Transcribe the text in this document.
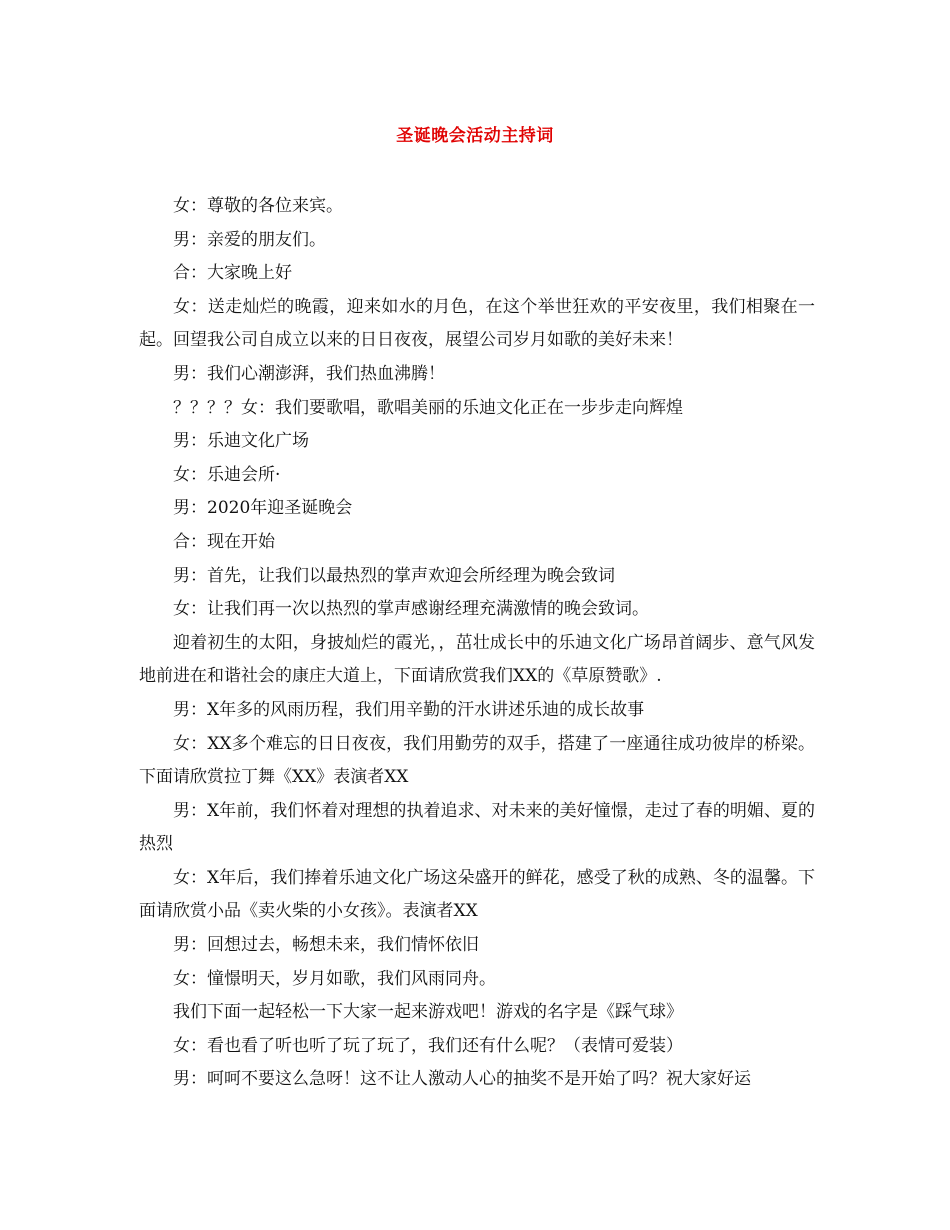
圣诞晚会活动主持词

女：尊敬的各位来宾。

男：亲爱的朋友们。

合：大家晚上好

女：送走灿烂的晚霞，迎来如水的月色，在这个举世狂欢的平安夜里，我们相聚在一起。回望我公司自成立以来的日日夜夜，展望公司岁月如歌的美好未来！

男：我们心潮澎湃，我们热血沸腾！

？？？？女：我们要歌唱，歌唱美丽的乐迪文化正在一步步走向辉煌

男：乐迪文化广场

女：乐迪会所·

男：2020年迎圣诞晚会

合：现在开始

男：首先，让我们以最热烈的掌声欢迎会所经理为晚会致词

女：让我们再一次以热烈的掌声感谢经理充满激情的晚会致词。

迎着初生的太阳，身披灿烂的霞光，，茁壮成长中的乐迪文化广场昂首阔步、意气风发地前进在和谐社会的康庄大道上，下面请欣赏我们XX的《草原赞歌》.

男：X年多的风雨历程，我们用辛勤的汗水讲述乐迪的成长故事

女：XX多个难忘的日日夜夜，我们用勤劳的双手，搭建了一座通往成功彼岸的桥梁。下面请欣赏拉丁舞《XX》表演者XX

男：X年前，我们怀着对理想的执着追求、对未来的美好憧憬，走过了春的明媚、夏的热烈

女：X年后，我们捧着乐迪文化广场这朵盛开的鲜花，感受了秋的成熟、冬的温馨。下面请欣赏小品《卖火柴的小女孩》。表演者XX

男：回想过去，畅想未来，我们情怀依旧

女：憧憬明天，岁月如歌，我们风雨同舟。

我们下面一起轻松一下大家一起来游戏吧！游戏的名字是《踩气球》

女：看也看了听也听了玩了玩了，我们还有什么呢？（表情可爱装）

男：呵呵不要这么急呀！这不让人激动人心的抽奖不是开始了吗？祝大家好运
